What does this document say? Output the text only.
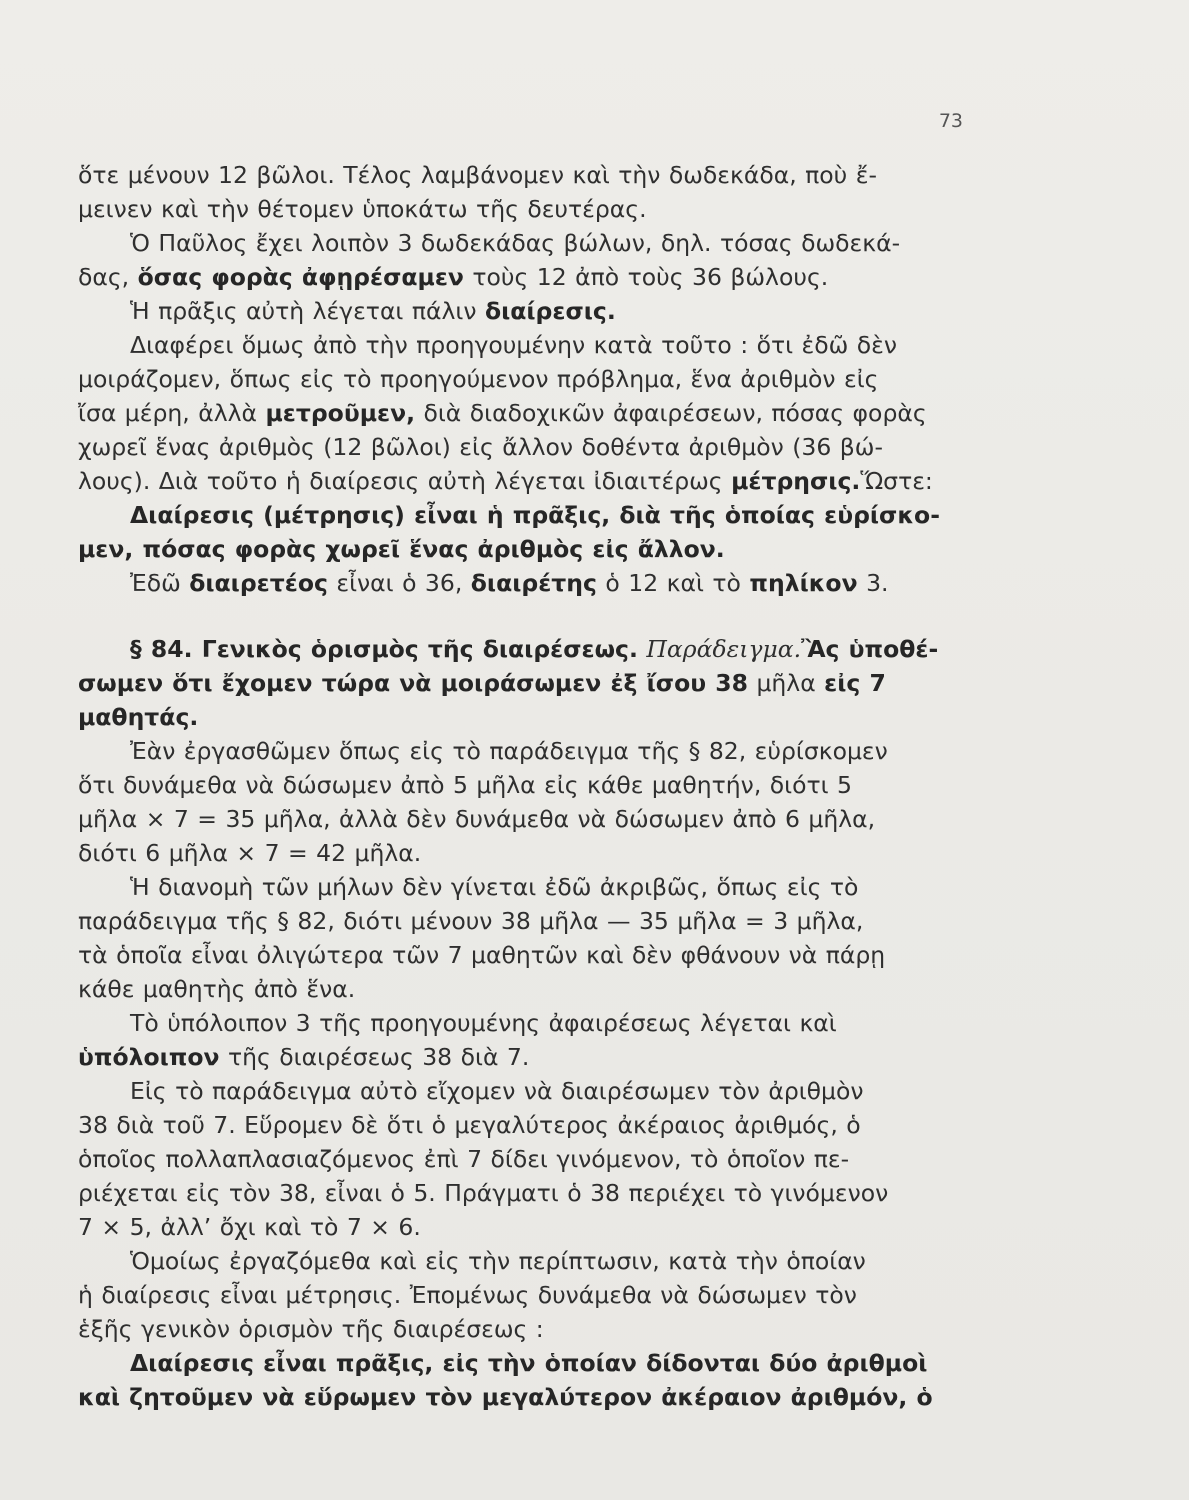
73

ὅτε μένουν 12 βῶλοι. Τέλος λαμβάνομεν καὶ τὴν δωδεκάδα, ποὺ ἔ-
μεινεν καὶ τὴν θέτομεν ὑποκάτω τῆς δευτέρας.

Ὁ Παῦλος ἔχει λοιπὸν 3 δωδεκάδας βώλων, δηλ. τόσας δωδεκά-
δας, ὅσας φορὰς ἀφῃρέσαμεν τοὺς 12 ἀπὸ τοὺς 36 βώλους.

Ἡ πρᾶξις αὐτὴ λέγεται πάλιν διαίρεσις.

Διαφέρει ὅμως ἀπὸ τὴν προηγουμένην κατὰ τοῦτο : ὅτι ἐδῶ δὲν
μοιράζομεν, ὅπως εἰς τὸ προηγούμενον πρόβλημα, ἕνα ἀριθμὸν εἰς
ἴσα μέρη, ἀλλὰ μετροῦμεν, διὰ διαδοχικῶν ἀφαιρέσεων, πόσας φορὰς
χωρεῖ ἕνας ἀριθμὸς (12 βῶλοι) εἰς ἄλλον δοθέντα ἀριθμὸν (36 βώ-
λους). Διὰ τοῦτο ἡ διαίρεσις αὐτὴ λέγεται ἰδιαιτέρως μέτρησις.Ὥστε:

Διαίρεσις (μέτρησις) εἶναι ἡ πρᾶξις, διὰ τῆς ὁποίας εὑρίσκο-
μεν, πόσας φορὰς χωρεῖ ἕνας ἀριθμὸς εἰς ἄλλον.

Ἐδῶ διαιρετέος εἶναι ὁ 36, διαιρέτης ὁ 12 καὶ τὸ πηλίκον 3.

§ 84. Γενικὸς ὁρισμὸς τῆς διαιρέσεως. Παράδειγμα.Ἂς ὑποθέ-
σωμεν ὅτι ἔχομεν τώρα νὰ μοιράσωμεν ἐξ ἴσου 38 μῆλα εἰς 7
μαθητάς.

Ἐὰν ἐργασθῶμεν ὅπως εἰς τὸ παράδειγμα τῆς § 82, εὑρίσκομεν
ὅτι δυνάμεθα νὰ δώσωμεν ἀπὸ 5 μῆλα εἰς κάθε μαθητήν, διότι 5
μῆλα × 7 = 35 μῆλα, ἀλλὰ δὲν δυνάμεθα νὰ δώσωμεν ἀπὸ 6 μῆλα,
διότι 6 μῆλα × 7 = 42 μῆλα.

Ἡ διανομὴ τῶν μήλων δὲν γίνεται ἐδῶ ἀκριβῶς, ὅπως εἰς τὸ
παράδειγμα τῆς § 82, διότι μένουν 38 μῆλα — 35 μῆλα = 3 μῆλα,
τὰ ὁποῖα εἶναι ὀλιγώτερα τῶν 7 μαθητῶν καὶ δὲν φθάνουν νὰ πάρῃ
κάθε μαθητὴς ἀπὸ ἕνα.

Τὸ ὑπόλοιπον 3 τῆς προηγουμένης ἀφαιρέσεως λέγεται καὶ
ὑπόλοιπον τῆς διαιρέσεως 38 διὰ 7.

Εἰς τὸ παράδειγμα αὐτὸ εἴχομεν νὰ διαιρέσωμεν τὸν ἀριθμὸν
38 διὰ τοῦ 7. Εὕρομεν δὲ ὅτι ὁ μεγαλύτερος ἀκέραιος ἀριθμός, ὁ
ὁποῖος πολλαπλασιαζόμενος ἐπὶ 7 δίδει γινόμενον, τὸ ὁποῖον πε-
ριέχεται εἰς τὸν 38, εἶναι ὁ 5. Πράγματι ὁ 38 περιέχει τὸ γινόμενον
7 × 5, ἀλλ’ ὄχι καὶ τὸ 7 × 6.

Ὁμοίως ἐργαζόμεθα καὶ εἰς τὴν περίπτωσιν, κατὰ τὴν ὁποίαν
ἡ διαίρεσις εἶναι μέτρησις. Ἐπομένως δυνάμεθα νὰ δώσωμεν τὸν
ἑξῆς γενικὸν ὁρισμὸν τῆς διαιρέσεως :

Διαίρεσις εἶναι πρᾶξις, εἰς τὴν ὁποίαν δίδονται δύο ἀριθμοὶ
καὶ ζητοῦμεν νὰ εὕρωμεν τὸν μεγαλύτερον ἀκέραιον ἀριθμόν, ὁ
